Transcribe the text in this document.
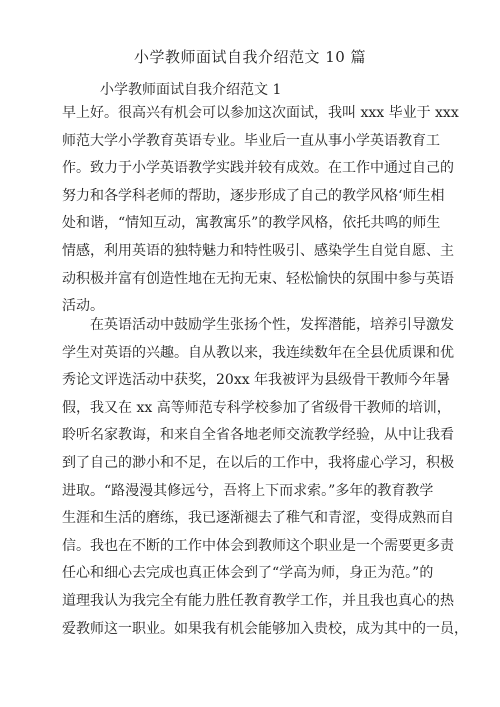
小学教师面试自我介绍范文 10 篇
小学教师面试自我介绍范文 1

早上好。很高兴有机会可以参加这次面试，我叫 xxx 毕业于 xxx
师范大学小学教育英语专业。毕业后一直从事小学英语教育工
作。致力于小学英语教学实践并较有成效。在工作中通过自己的
努力和各学科老师的帮助，逐步形成了自己的教学风格‘师生相
处和谐，“情知互动，寓教寓乐”的教学风格，依托共鸣的师生
情感，利用英语的独特魅力和特性吸引、感染学生自觉自愿、主
动积极并富有创造性地在无拘无束、轻松愉快的氛围中参与英语
活动。

　　在英语活动中鼓励学生张扬个性，发挥潜能，培养引导激发
学生对英语的兴趣。自从教以来，我连续数年在全县优质课和优
秀论文评选活动中获奖，20xx 年我被评为县级骨干教师今年暑
假，我又在 xx 高等师范专科学校参加了省级骨干教师的培训，
聆听名家教诲，和来自全省各地老师交流教学经验，从中让我看
到了自己的渺小和不足，在以后的工作中，我将虚心学习，积极
进取。“路漫漫其修远兮，吾将上下而求索。”多年的教育教学
生涯和生活的磨练，我已逐渐褪去了稚气和青涩，变得成熟而自
信。我也在不断的工作中体会到教师这个职业是一个需要更多责
任心和细心去完成也真正体会到了“学高为师，身正为范。”的
道理我认为我完全有能力胜任教育教学工作，并且我也真心的热
爱教师这一职业。如果我有机会能够加入贵校，成为其中的一员，
